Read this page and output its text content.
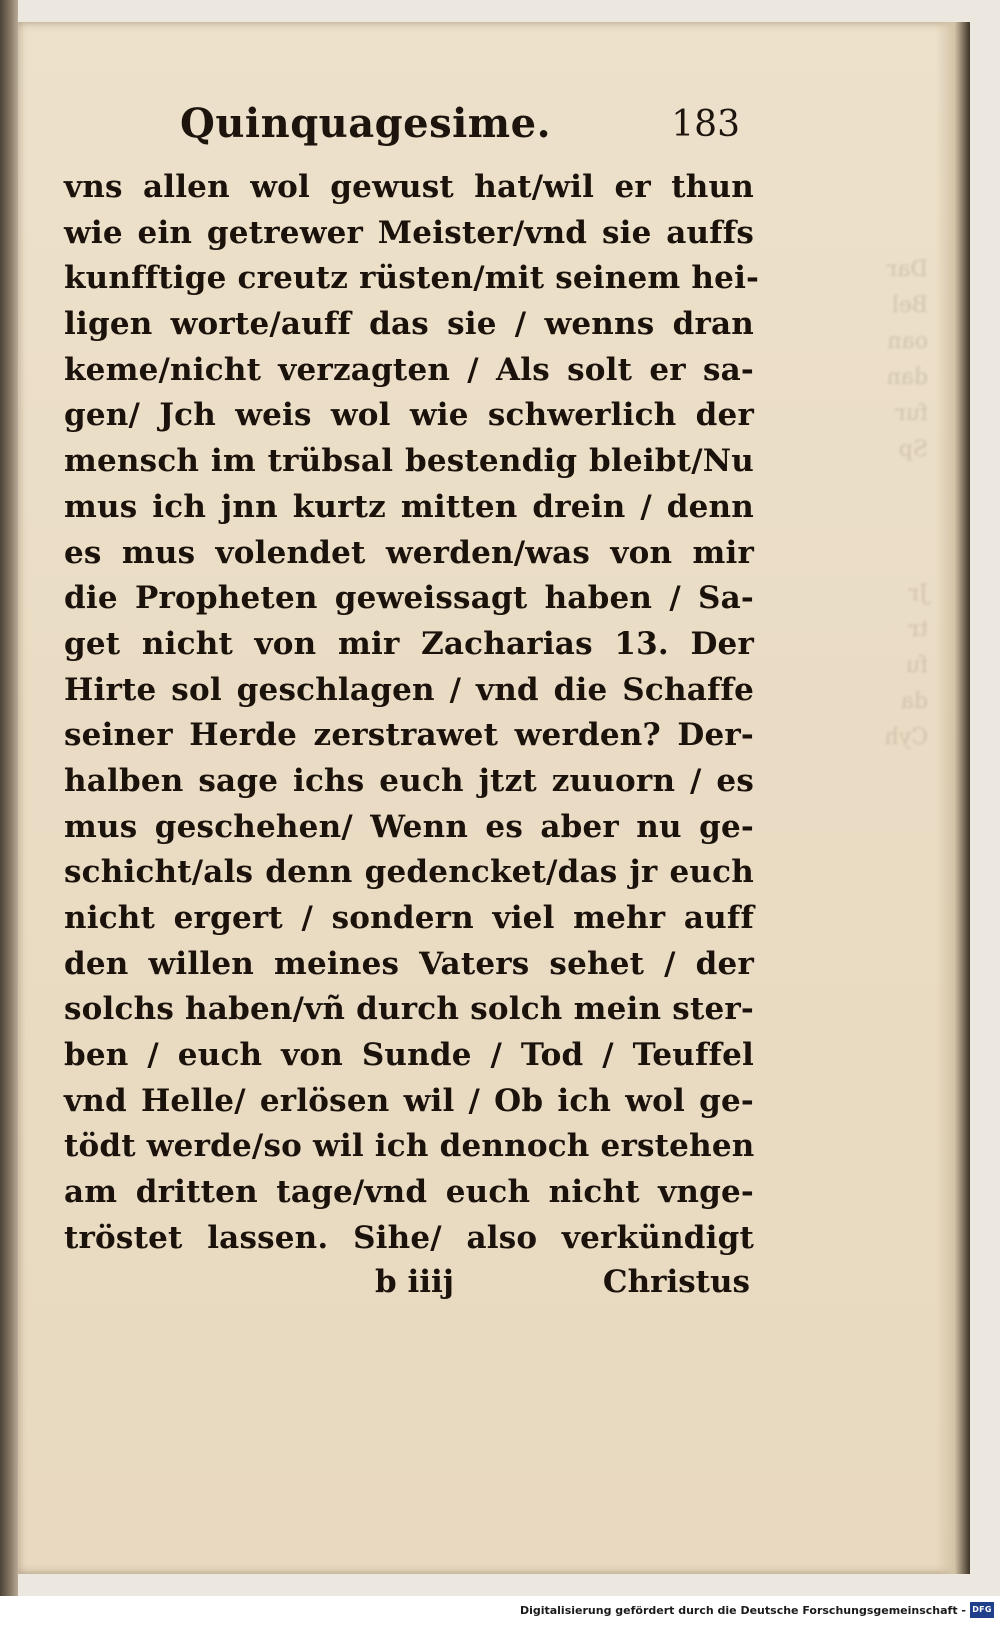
Dar
Bel
oan
dan
fur
Sp

Jr
tr
fu
da
Cyh
Quinquagesime.	183
vns allen wol gewust hat/wil er thun
wie ein getrewer Meister/vnd sie auffs
kunfftige creutz rüsten/mit seinem hei-
ligen worte/auff das sie / wenns dran
keme/nicht verzagten / Als solt er sa-
gen/ Jch weis wol wie schwerlich der
mensch im trübsal bestendig bleibt/Nu
mus ich jnn kurtz mitten drein / denn
es mus volendet werden/was von mir
die Propheten geweissagt haben / Sa-
get nicht von mir Zacharias 13. Der
Hirte sol geschlagen / vnd die Schaffe
seiner Herde zerstrawet werden? Der-
halben sage ichs euch jtzt zuuorn / es
mus geschehen/ Wenn es aber nu ge-
schicht/als denn gedencket/das jr euch
nicht ergert / sondern viel mehr auff
den willen meines Vaters sehet / der
solchs haben/vñ durch solch mein ster-
ben / euch von Sunde / Tod / Teuffel
vnd Helle/ erlösen wil / Ob ich wol ge-
tödt werde/so wil ich dennoch erstehen
am dritten tage/vnd euch nicht vnge-
tröstet lassen. Sihe/ also verkündigt
b iiij	Christus
Digitalisierung gefördert durch die Deutsche Forschungsgemeinschaft - DFG
